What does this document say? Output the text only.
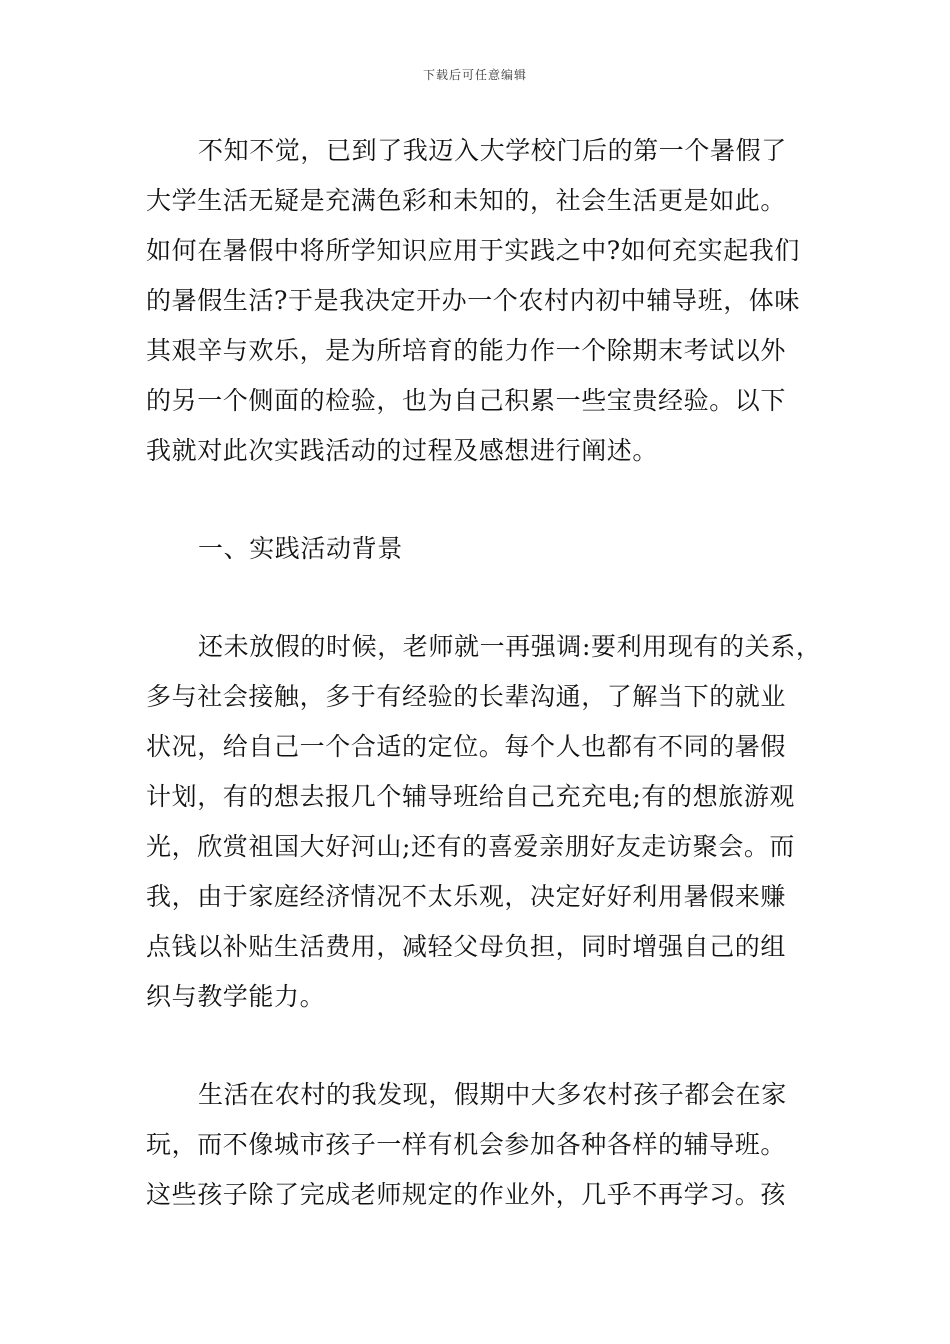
下载后可任意编辑
不知不觉，已到了我迈入大学校门后的第一个暑假了
大学生活无疑是充满色彩和未知的，社会生活更是如此。
如何在暑假中将所学知识应用于实践之中?如何充实起我们
的暑假生活?于是我决定开办一个农村内初中辅导班，体味
其艰辛与欢乐，是为所培育的能力作一个除期末考试以外
的另一个侧面的检验，也为自己积累一些宝贵经验。以下
我就对此次实践活动的过程及感想进行阐述。
一、实践活动背景
还未放假的时候，老师就一再强调:要利用现有的关系，
多与社会接触，多于有经验的长辈沟通，了解当下的就业
状况，给自己一个合适的定位。每个人也都有不同的暑假
计划，有的想去报几个辅导班给自己充充电;有的想旅游观
光，欣赏祖国大好河山;还有的喜爱亲朋好友走访聚会。而
我，由于家庭经济情况不太乐观，决定好好利用暑假来赚
点钱以补贴生活费用，减轻父母负担，同时增强自己的组
织与教学能力。
生活在农村的我发现，假期中大多农村孩子都会在家
玩，而不像城市孩子一样有机会参加各种各样的辅导班。
这些孩子除了完成老师规定的作业外，几乎不再学习。孩
